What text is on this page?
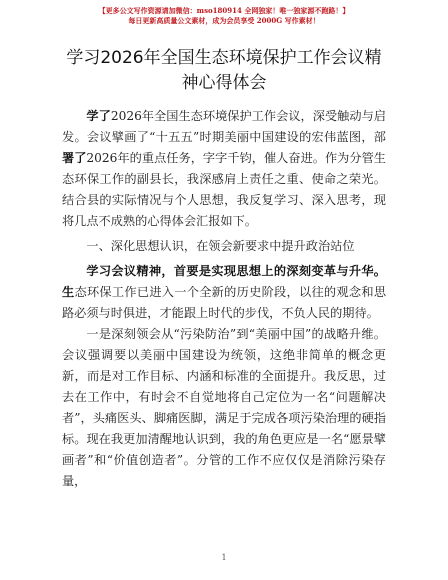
【更多公文写作资源请加微信：mso180914 全网独家！唯一独家源不跑路！】
每日更新高质量公文素材，成为会员享受 2000G 写作素材！
学习2026年全国生态环境保护工作会议精神心得体会

学了2026年全国生态环境保护工作会议，深受触动与启发。会议擘画了“十五五”时期美丽中国建设的宏伟蓝图，部署了2026年的重点任务，字字千钧，催人奋进。作为分管生态环保工作的副县长，我深感肩上责任之重、使命之荣光。结合县的实际情况与个人思想，我反复学习、深入思考，现将几点不成熟的心得体会汇报如下。

一、深化思想认识，在领会新要求中提升政治站位

学习会议精神，首要是实现思想上的深刻变革与升华。生态环保工作已进入一个全新的历史阶段，以往的观念和思路必须与时俱进，才能跟上时代的步伐，不负人民的期待。

一是深刻领会从“污染防治”到“美丽中国”的战略升维。会议强调要以美丽中国建设为统领，这绝非简单的概念更新，而是对工作目标、内涵和标准的全面提升。我反思，过去在工作中，有时会不自觉地将自己定位为一名“问题解决者”，头痛医头、脚痛医脚，满足于完成各项污染治理的硬指标。现在我更加清醒地认识到，我的角色更应是一名“愿景擘画者”和“价值创造者”。分管的工作不应仅仅是消除污染存量，

1
